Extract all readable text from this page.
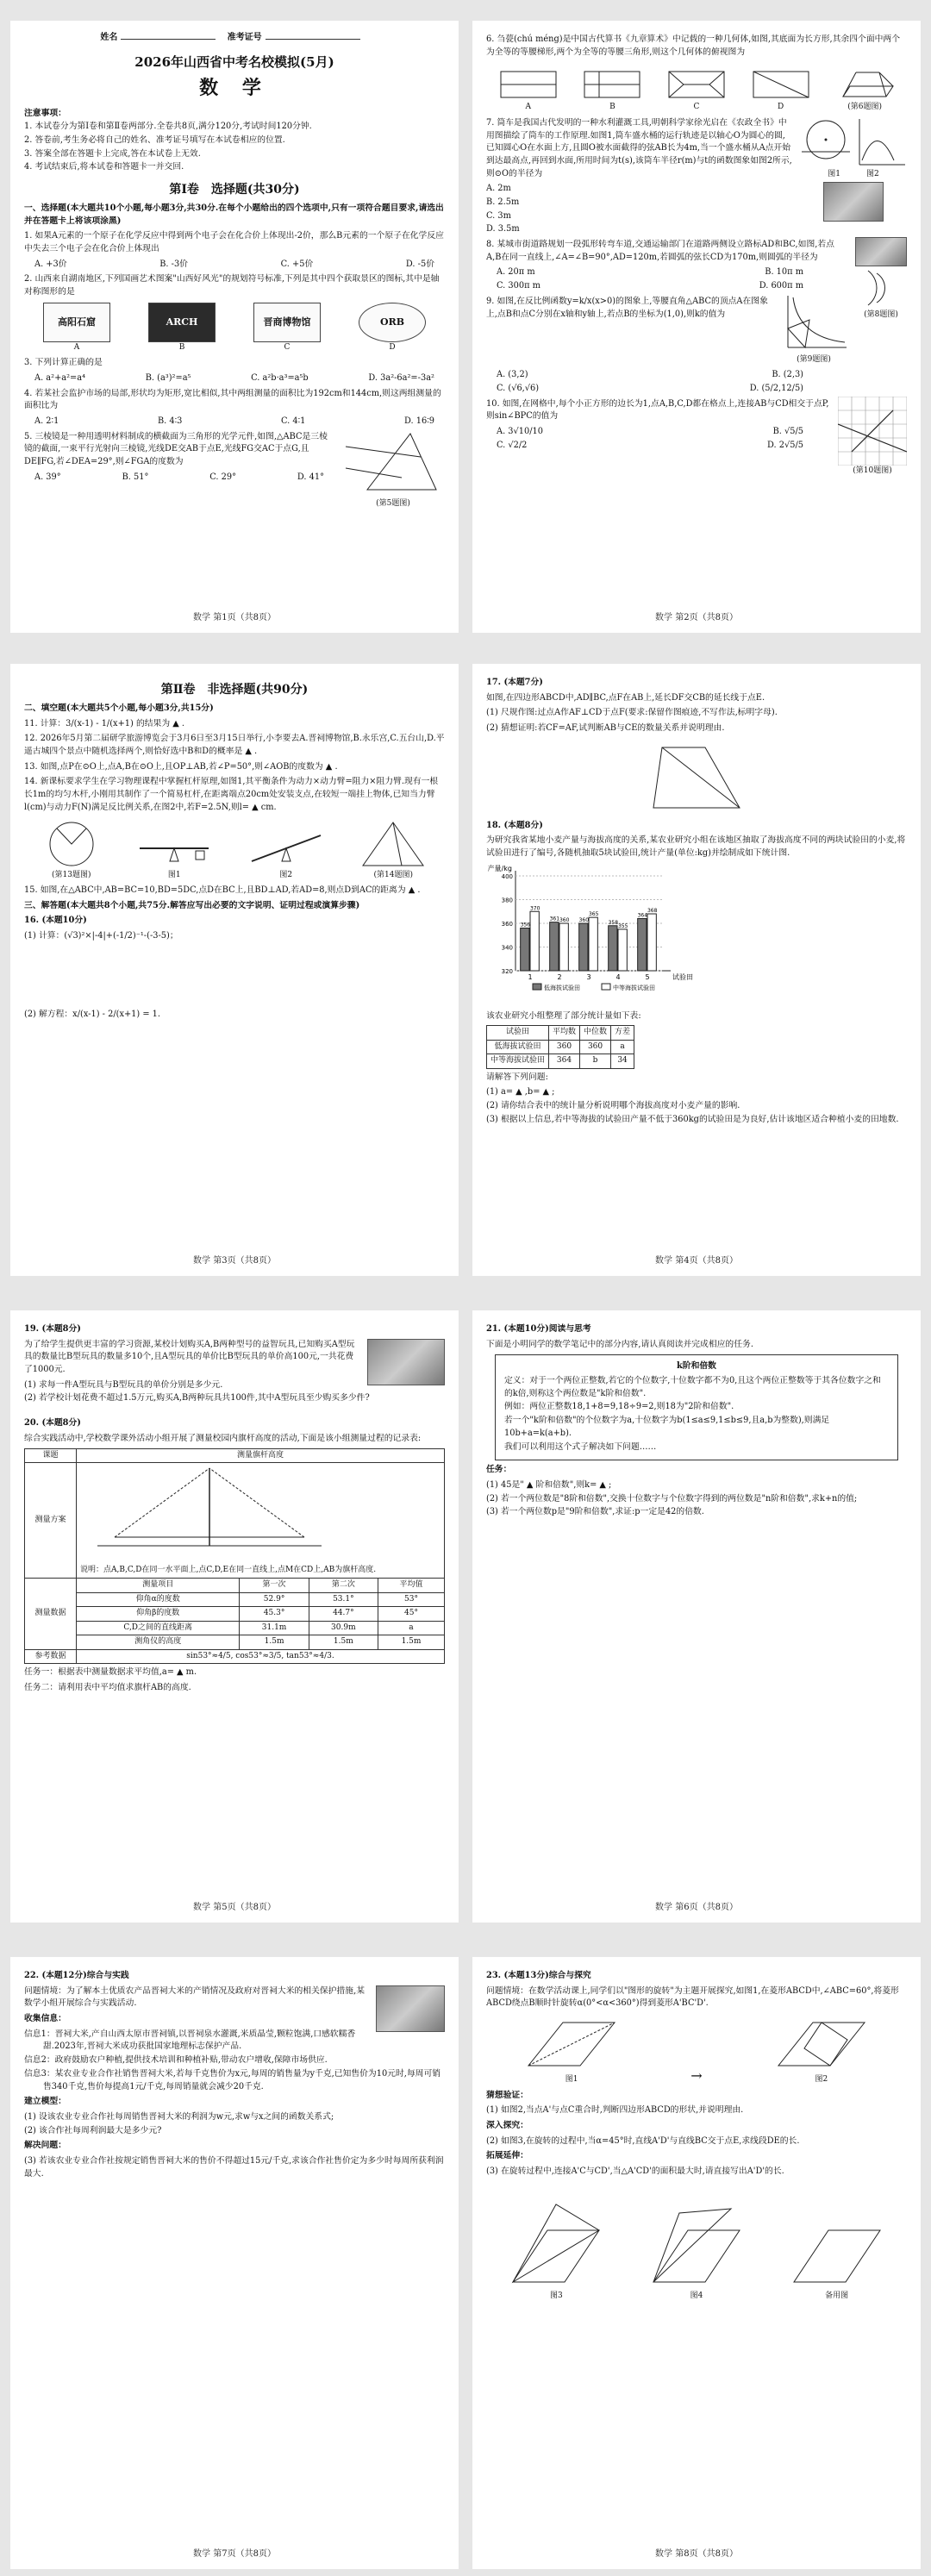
姓名	准考证号
2026年山西省中考名校模拟(5月)
数 学

注意事项：

1. 本试卷分为第Ⅰ卷和第Ⅱ卷两部分.全卷共8页,满分120分,考试时间120分钟.

2. 答卷前,考生务必将自己的姓名、准考证号填写在本试卷相应的位置.

3. 答案全部在答题卡上完成,答在本试卷上无效.

4. 考试结束后,将本试卷和答题卡一并交回.

第Ⅰ卷　选择题(共30分)

一、选择题(本大题共10个小题,每小题3分,共30分.在每个小题给出的四个选项中,只有一项符合题目要求,请选出并在答题卡上将该项涂黑)

1. 如果A元素的一个原子在化学反应中得到两个电子会在化合价上体现出-2价，那么B元素的一个原子在化学反应中失去三个电子会在化合价上体现出

A. +3价	B. -3价	C. +5价	D. -5价

2. 山西来自湖南地区,下列国画艺术图案"山西好风光"的规划符号标准,下列是其中四个获取景区的图标,其中是轴对称图形的是

高阳石窟
A
ARCH
B
晋商博物馆
C
ORB
D

3. 下列计算正确的是

A. a²+a²=a⁴	B. (a³)²=a⁵	C. a²b·a³=a⁵b	D. 3a²-6a²=-3a²

4. 若某社会监护市场的局部,形状均为矩形,宽比相似,其中两组测量的面积比为192cm和144cm,则这两组测量的面积比为

A. 2∶1	B. 4∶3	C. 4∶1	D. 16∶9
(第5题图)

5. 三棱镜是一种用透明材料制成的横截面为三角形的光学元件,如图,△ABC是三棱镜的截面,一束平行光射向三棱镜,光线DE交AB于点E,光线FG交AC于点G,且DE∥FG,若∠DEA=29°,则∠FGA的度数为

A. 39°	B. 51°	C. 29°	D. 41°
数学 第1页（共8页）

6. 刍甍(chú méng)是中国古代算书《九章算术》中记载的一种几何体,如图,其底面为长方形,其余四个面中两个为全等的等腰梯形,两个为全等的等腰三角形,则这个几何体的俯视图为

A	B	C	D	(第6题图)
图1	图2

7. 筒车是我国古代发明的一种水利灌溉工具,明朝科学家徐光启在《农政全书》中用图描绘了筒车的工作原理.如图1,筒车盛水桶的运行轨迹是以轴心O为圆心的圆,已知圆心O在水面上方,且圆O被水面截得的弦AB长为4m,当一个盛水桶从A点开始到达最高点,再回到水面,所用时间为t(s),该筒车半径r(m)与t的函数图象如图2所示,则⊙O的半径为

A. 2m

B. 2.5m

C. 3m

D. 3.5m

(第8题图)

8. 某城市街道路规划一段弧形转弯车道,交通运输部门在道路两侧设立路标AD和BC,如图,若点A,B在同一直线上,∠A=∠B=90°,AD=120m,若圆弧的弦长CD为170m,则圆弧的半径为

A. 20π m	B. 10π m
C. 300π m	D. 600π m
(第9题图)

9. 如图,在反比例函数y=k/x(x>0)的图象上,等腰直角△ABC的顶点A在图象上,点B和点C分别在x轴和y轴上,若点B的坐标为(1,0),则k的值为

A. (3,2)	B. (2,3)
C. (√6,√6)	D. (5/2,12/5)
(第10题图)

10. 如图,在网格中,每个小正方形的边长为1,点A,B,C,D都在格点上,连接AB与CD相交于点P,则sin∠BPC的值为

A. 3√10/10	B. √5/5
C. √2/2	D. 2√5/5
数学 第2页（共8页）
第Ⅱ卷　非选择题(共90分)

二、填空题(本大题共5个小题,每小题3分,共15分)

11. 计算：3/(x-1) - 1/(x+1) 的结果为 ▲ .

12. 2026年5月第二届研学旅游博览会于3月6日至3月15日举行,小李要去A.晋祠博物馆,B.永乐宫,C.五台山,D.平遥古城四个景点中随机选择两个,则恰好选中B和D的概率是 ▲ .

13. 如图,点P在⊙O上,点A,B在⊙O上,且OP⊥AB,若∠P=50°,则∠AOB的度数为 ▲ .

14. 新课标要求学生在学习物理课程中掌握杠杆原理,如图1,其平衡条件为动力×动力臂=阻力×阻力臂.现有一根长1m的均匀木杆,小刚用其制作了一个简易杠杆,在距离端点20cm处安装支点,在较短一端挂上物体,已知当力臂l(cm)与动力F(N)满足反比例关系,在图2中,若F=2.5N,则l= ▲ cm.

(第13题图)	图1	图2	(第14题图)

15. 如图,在△ABC中,AB=BC=10,BD=5DC,点D在BC上,且BD⊥AD,若AD=8,则点D到AC的距离为 ▲ .

三、解答题(本大题共8个小题,共75分.解答应写出必要的文字说明、证明过程或演算步骤)

16. (本题10分)

(1) 计算：(√3)²×|-4|+(-1/2)⁻¹-(-3-5)；

(2) 解方程：x/(x-1) - 2/(x+1) = 1.

数学 第3页（共8页）

17. (本题7分)

如图,在四边形ABCD中,AD∥BC,点F在AB上,延长DF交CB的延长线于点E.

(1) 尺规作图:过点A作AF⊥CD于点F(要求:保留作图痕迹,不写作法,标明字母).

(2) 猜想证明:若CF=AF,试判断AB与CE的数量关系并说明理由.

18. (本题8分)

为研究我省某地小麦产量与海拔高度的关系,某农业研究小组在该地区抽取了海拔高度不同的两块试验田的小麦,将试验田进行了编号,各随机抽取5块试验田,统计产量(单位:kg)并绘制成如下统计图.

产量/kg
试验田
320
340
360
380
400
356
370
1
361 360
2
360
365
3
358
355
4
364
368
5
低海拔试验田	中等海拔试验田

该农业研究小组整理了部分统计量如下表:

试验田	平均数	中位数	方差
低海拔试验田	360	360	a
中等海拔试验田	364	b	34

请解答下列问题:

(1) a= ▲ ,b= ▲ ;

(2) 请你结合表中的统计量分析说明哪个海拔高度对小麦产量的影响.

(3) 根据以上信息,若中等海拔的试验田产量不低于360kg的试验田是为良好,估计该地区适合种植小麦的田地数.

数学 第4页（共8页）

19. (本题8分)

为了给学生提供更丰富的学习资源,某校计划购买A,B两种型号的益智玩具,已知购买A型玩具的数量比B型玩具的数量多10个,且A型玩具的单价比B型玩具的单价高100元,一共花费了1000元.

(1) 求每一件A型玩具与B型玩具的单价分别是多少元.

(2) 若学校计划花费不超过1.5万元,购买A,B两种玩具共100件,其中A型玩具至少购买多少件?

20. (本题8分)

综合实践活动中,学校数学课外活动小组开展了测量校园内旗杆高度的活动,下面是该小组测量过程的记录表:

课题	测量旗杆高度			
测量方案	说明：点A,B,C,D在同一水平面上,点C,D,E在同一直线上,点M在CD上,AB为旗杆高度.			

测量数据	测量项目	第一次	第二次	平均值
	仰角α的度数	52.9°	53.1°	53°
	仰角β的度数	45.3°	44.7°	45°
	C,D之间的直线距离	31.1m	30.9m	a
	测角仪的高度	1.5m	1.5m	1.5m
参考数据	sin53°≈4/5, cos53°≈3/5, tan53°≈4/3.			

任务一：根据表中测量数据求平均值,a= ▲ m.

任务二：请利用表中平均值求旗杆AB的高度.

数学 第5页（共8页）

21. (本题10分)阅读与思考

下面是小明同学的数学笔记中的部分内容,请认真阅读并完成相应的任务.

k阶和倍数

定义：对于一个两位正整数,若它的个位数字,十位数字都不为0,且这个两位正整数等于其各位数字之和的k倍,则称这个两位数是"k阶和倍数".

例如：两位正整数18,1+8=9,18÷9=2,则18为"2阶和倍数".

若一个"k阶和倍数"的个位数字为a,十位数字为b(1≤a≤9,1≤b≤9,且a,b为整数),则满足10b+a=k(a+b).

我们可以利用这个式子解决如下问题……

任务：

(1) 45是" ▲ 阶和倍数",则k= ▲ ;

(2) 若一个两位数是"8阶和倍数",交换十位数字与个位数字得到的两位数是"n阶和倍数",求k+n的值;

(3) 若一个两位数p是"9阶和倍数",求证:p一定是42的倍数.

数学 第6页（共8页）

22. (本题12分)综合与实践

问题情境：为了解本土优质农产品晋祠大米的产销情况及政府对晋祠大米的相关保护措施,某数学小组开展综合与实践活动.

收集信息：

信息1：晋祠大米,产自山西太原市晋祠镇,以晋祠泉水灌溉,米质晶莹,颗粒饱满,口感软糯香甜.2023年,晋祠大米成功获批国家地理标志保护产品.

信息2：政府鼓励农户种植,提供技术培训和种植补贴,带动农户增收,保障市场供应.

信息3：某农业专业合作社销售晋祠大米,若每千克售价为x元,每周的销售量为y千克,已知售价为10元时,每周可销售340千克,售价每提高1元/千克,每周销量就会减少20千克.

建立模型：

(1) 设该农业专业合作社每周销售晋祠大米的利润为w元,求w与x之间的函数关系式;

(2) 该合作社每周利润最大是多少元?

解决问题：

(3) 若该农业专业合作社按规定销售晋祠大米的售价不得超过15元/千克,求该合作社售价定为多少时每周所获利润最大.

数学 第7页（共8页）

23. (本题13分)综合与探究

问题情境：在数学活动课上,同学们以"图形的旋转"为主题开展探究,如图1,在菱形ABCD中,∠ABC=60°,将菱形ABCD绕点B顺时针旋转α(0°<α<360°)得到菱形A'BC'D'.

图1	→	图2

猜想验证：

(1) 如图2,当点A'与点C重合时,判断四边形ABCD的形状,并说明理由.

深入探究：

(2) 如图3,在旋转的过程中,当α=45°时,直线A'D'与直线BC交于点E,求线段DE的长.

拓展延伸：

(3) 在旋转过程中,连接A'C与CD',当△A'CD'的面积最大时,请直接写出A'D'的长.

图3	图4	备用图
数学 第8页（共8页）
